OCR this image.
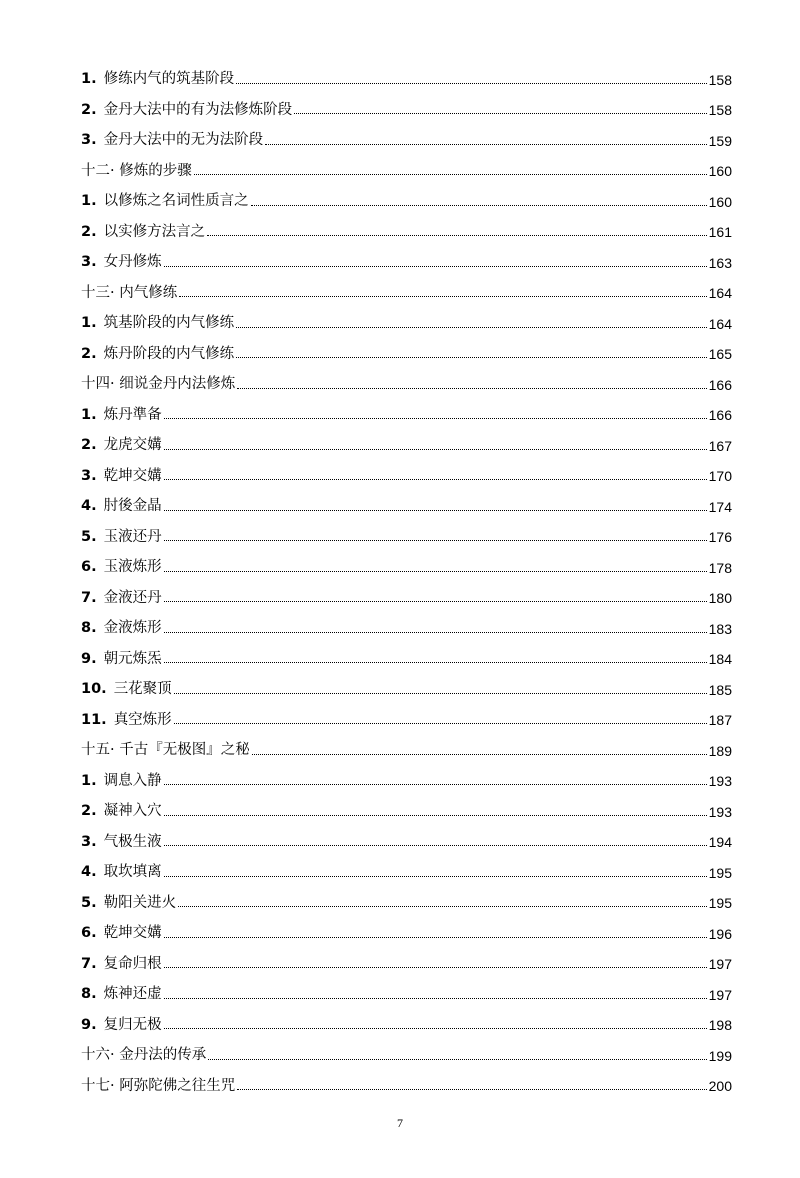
1. 修练内气的筑基阶段	158
2. 金丹大法中的有为法修炼阶段	158
3. 金丹大法中的无为法阶段	159
十二· 修炼的步骤	160
1. 以修炼之名词性质言之	160
2. 以实修方法言之	161
3. 女丹修炼	163
十三· 内气修练	164
1. 筑基阶段的内气修练	164
2. 炼丹阶段的内气修练	165
十四· 细说金丹内法修炼	166
1. 炼丹準备	166
2. 龙虎交媾	167
3. 乾坤交媾	170
4. 肘後金晶	174
5. 玉液还丹	176
6. 玉液炼形	178
7. 金液还丹	180
8. 金液炼形	183
9. 朝元炼炁	184
10. 三花聚顶	185
11. 真空炼形	187
十五· 千古『无极图』之秘	189
1. 调息入静	193
2. 凝神入穴	193
3. 气极生液	194
4. 取坎填离	195
5. 勒阳关进火	195
6. 乾坤交媾	196
7. 复命归根	197
8. 炼神还虚	197
9. 复归无极	198
十六· 金丹法的传承	199
十七· 阿弥陀佛之往生咒	200
7
